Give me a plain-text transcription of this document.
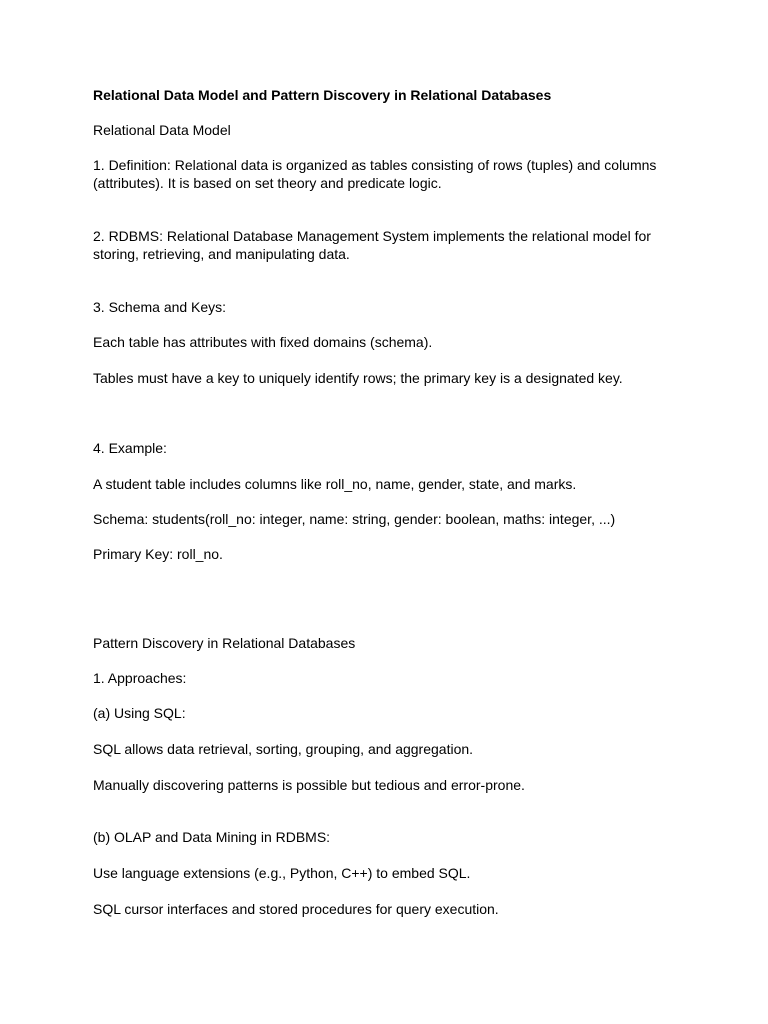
Relational Data Model and Pattern Discovery in Relational Databases

Relational Data Model

1. Definition: Relational data is organized as tables consisting of rows (tuples) and columns (attributes). It is based on set theory and predicate logic.

2. RDBMS: Relational Database Management System implements the relational model for storing, retrieving, and manipulating data.

3. Schema and Keys:

Each table has attributes with fixed domains (schema).

Tables must have a key to uniquely identify rows; the primary key is a designated key.

4. Example:

A student table includes columns like roll_no, name, gender, state, and marks.

Schema: students(roll_no: integer, name: string, gender: boolean, maths: integer, ...)

Primary Key: roll_no.

Pattern Discovery in Relational Databases

1. Approaches:

(a) Using SQL:

SQL allows data retrieval, sorting, grouping, and aggregation.

Manually discovering patterns is possible but tedious and error-prone.

(b) OLAP and Data Mining in RDBMS:

Use language extensions (e.g., Python, C++) to embed SQL.

SQL cursor interfaces and stored procedures for query execution.
